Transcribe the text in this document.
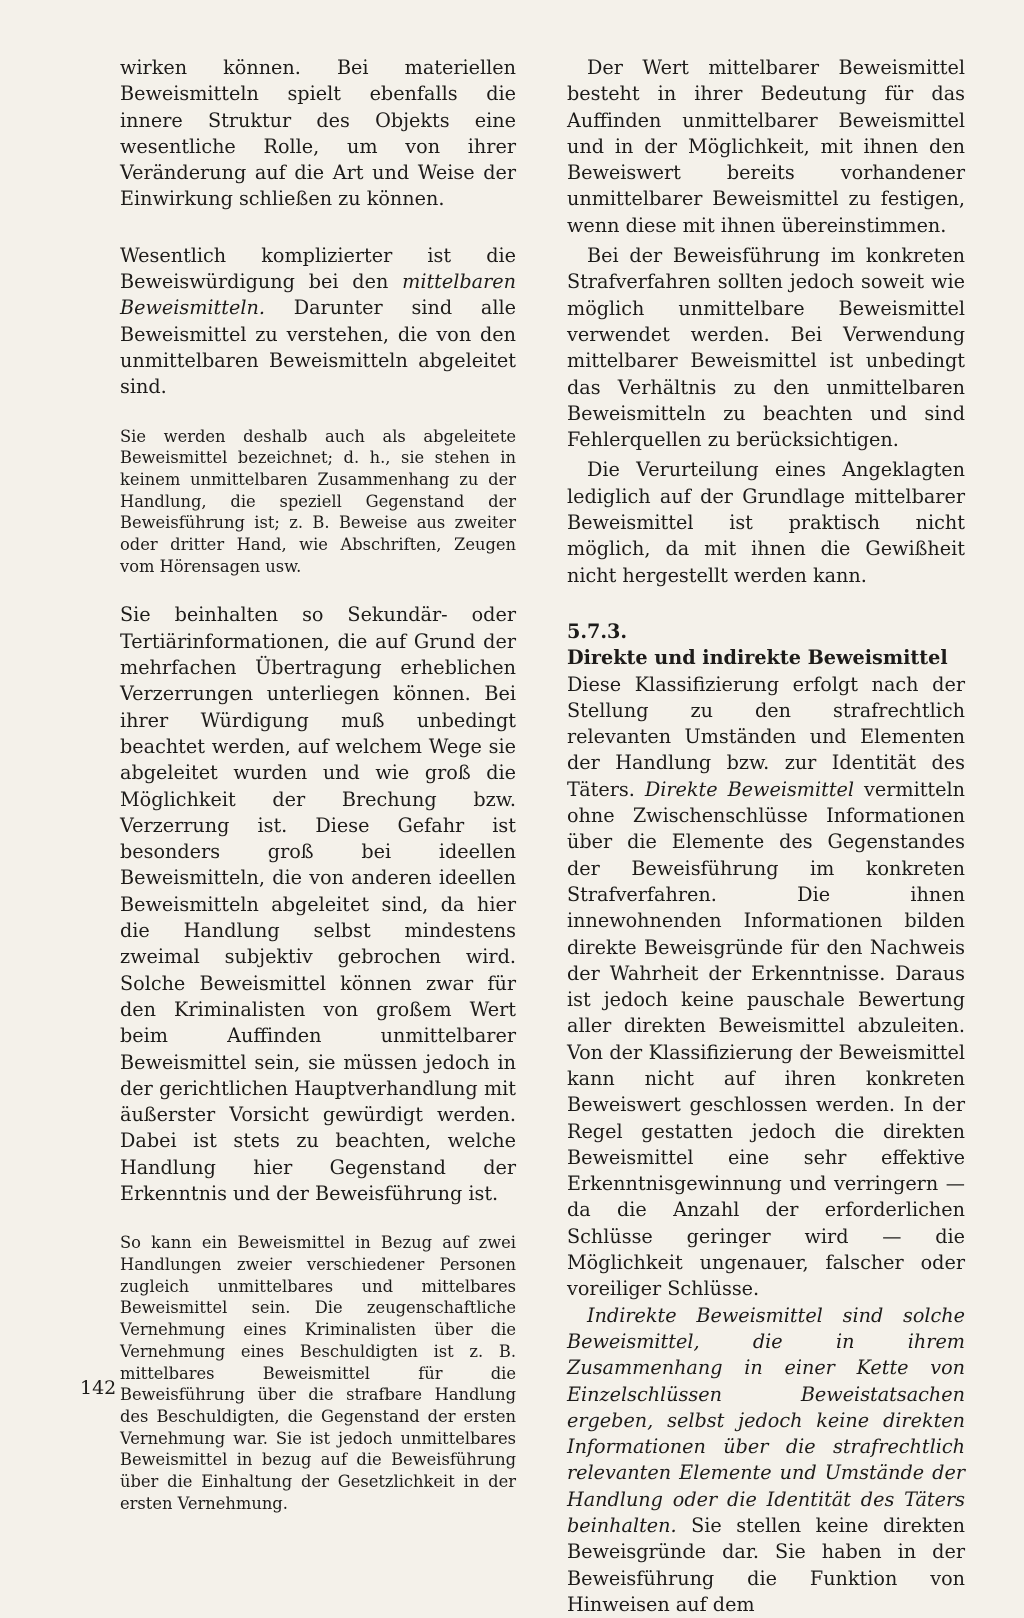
wirken können. Bei materiellen Beweismitteln spielt ebenfalls die innere Struktur des Objekts eine wesentliche Rolle, um von ihrer Veränderung auf die Art und Weise der Einwirkung schließen zu können.

Wesentlich komplizierter ist die Beweiswürdigung bei den mittelbaren Beweismitteln. Darunter sind alle Beweismittel zu verstehen, die von den unmittelbaren Beweismitteln abgeleitet sind.

Sie werden deshalb auch als abgeleitete Beweismittel bezeichnet; d. h., sie stehen in keinem unmittelbaren Zusammenhang zu der Handlung, die speziell Gegenstand der Beweisführung ist; z. B. Beweise aus zweiter oder dritter Hand, wie Abschriften, Zeugen vom Hörensagen usw.

Sie beinhalten so Sekundär- oder Tertiärinformationen, die auf Grund der mehrfachen Übertragung erheblichen Verzerrungen unterliegen können. Bei ihrer Würdigung muß unbedingt beachtet werden, auf welchem Wege sie abgeleitet wurden und wie groß die Möglichkeit der Brechung bzw. Verzerrung ist. Diese Gefahr ist besonders groß bei ideellen Beweismitteln, die von anderen ideellen Beweismitteln abgeleitet sind, da hier die Handlung selbst mindestens zweimal subjektiv gebrochen wird. Solche Beweismittel können zwar für den Kriminalisten von großem Wert beim Auffinden unmittelbarer Beweismittel sein, sie müssen jedoch in der gerichtlichen Hauptverhandlung mit äußerster Vorsicht gewürdigt werden. Dabei ist stets zu beachten, welche Handlung hier Gegenstand der Erkenntnis und der Beweisführung ist.

So kann ein Beweismittel in Bezug auf zwei Handlungen zweier verschiedener Personen zugleich unmittelbares und mittelbares Beweismittel sein. Die zeugenschaftliche Vernehmung eines Kriminalisten über die Vernehmung eines Beschuldigten ist z. B. mittelbares Beweismittel für die Beweisführung über die strafbare Handlung des Beschuldigten, die Gegenstand der ersten Vernehmung war. Sie ist jedoch unmittelbares Beweismittel in bezug auf die Beweisführung über die Einhaltung der Gesetzlichkeit in der ersten Vernehmung.

Der Wert mittelbarer Beweismittel besteht in ihrer Bedeutung für das Auffinden unmittelbarer Beweismittel und in der Möglichkeit, mit ihnen den Beweiswert bereits vorhandener unmittelbarer Beweismittel zu festigen, wenn diese mit ihnen übereinstimmen.

Bei der Beweisführung im konkreten Strafverfahren sollten jedoch soweit wie möglich unmittelbare Beweismittel verwendet werden. Bei Verwendung mittelbarer Beweismittel ist unbedingt das Verhältnis zu den unmittelbaren Beweismitteln zu beachten und sind Fehlerquellen zu berücksichtigen.

Die Verurteilung eines Angeklagten lediglich auf der Grundlage mittelbarer Beweismittel ist praktisch nicht möglich, da mit ihnen die Gewißheit nicht hergestellt werden kann.

5.7.3.

Direkte und indirekte Beweismittel

Diese Klassifizierung erfolgt nach der Stellung zu den strafrechtlich relevanten Umständen und Elementen der Handlung bzw. zur Identität des Täters. Direkte Beweismittel vermitteln ohne Zwischenschlüsse Informationen über die Elemente des Gegenstandes der Beweisführung im konkreten Strafverfahren. Die ihnen innewohnenden Informationen bilden direkte Beweisgründe für den Nachweis der Wahrheit der Erkenntnisse. Daraus ist jedoch keine pauschale Bewertung aller direkten Beweismittel abzuleiten. Von der Klassifizierung der Beweismittel kann nicht auf ihren konkreten Beweiswert geschlossen werden. In der Regel gestatten jedoch die direkten Beweismittel eine sehr effektive Erkenntnisgewinnung und verringern — da die Anzahl der erforderlichen Schlüsse geringer wird — die Möglichkeit ungenauer, falscher oder voreiliger Schlüsse.

Indirekte Beweismittel sind solche Beweismittel, die in ihrem Zusammenhang in einer Kette von Einzelschlüssen Beweistatsachen ergeben, selbst jedoch keine direkten Informationen über die strafrechtlich relevanten Elemente und Umstände der Handlung oder die Identität des Täters beinhalten. Sie stellen keine direkten Beweisgründe dar. Sie haben in der Beweisführung die Funktion von Hinweisen auf dem

142
